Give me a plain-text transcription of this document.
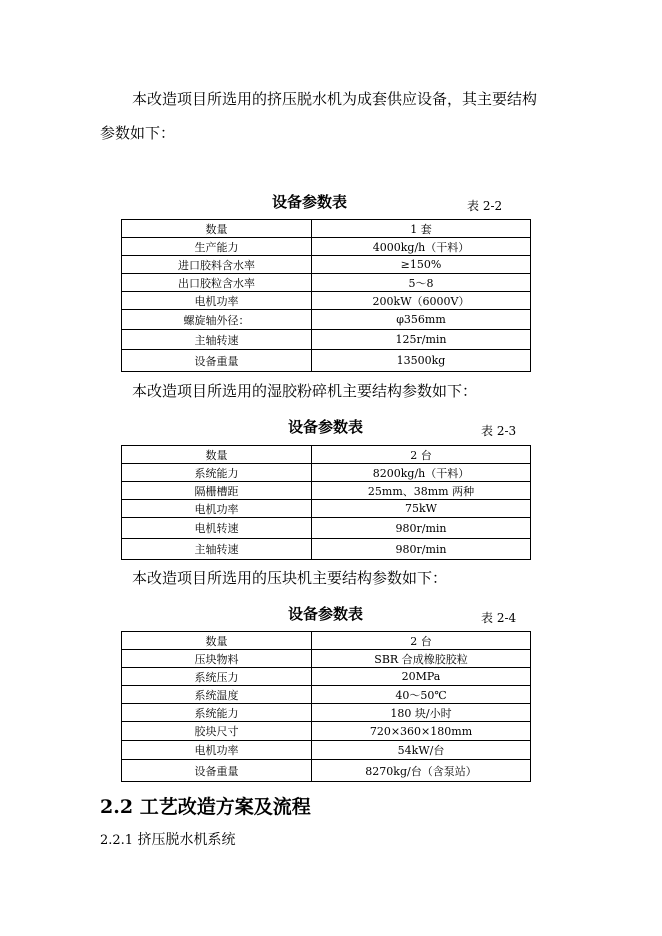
本改造项目所选用的挤压脱水机为成套供应设备，其主要结构
参数如下：
设备参数表	表 2-2
数量	1 套
生产能力	4000kg/h（干料）
进口胶料含水率	≥150%
出口胶粒含水率	5～8
电机功率	200kW（6000V）
螺旋轴外径：	φ356mm
主轴转速	125r/min
设备重量	13500kg
本改造项目所选用的湿胶粉碎机主要结构参数如下：
设备参数表	表 2-3
数量	2 台
系统能力	8200kg/h（干料）
隔栅槽距	25mm、38mm 两种
电机功率	75kW
电机转速	980r/min
主轴转速	980r/min
本改造项目所选用的压块机主要结构参数如下：
设备参数表	表 2-4
数量	2 台
压块物料	SBR 合成橡胶胶粒
系统压力	20MPa
系统温度	40～50℃
系统能力	180 块/小时
胶块尺寸	720×360×180mm
电机功率	54kW/台
设备重量	8270kg/台（含泵站）
2.2 工艺改造方案及流程
2.2.1 挤压脱水机系统
